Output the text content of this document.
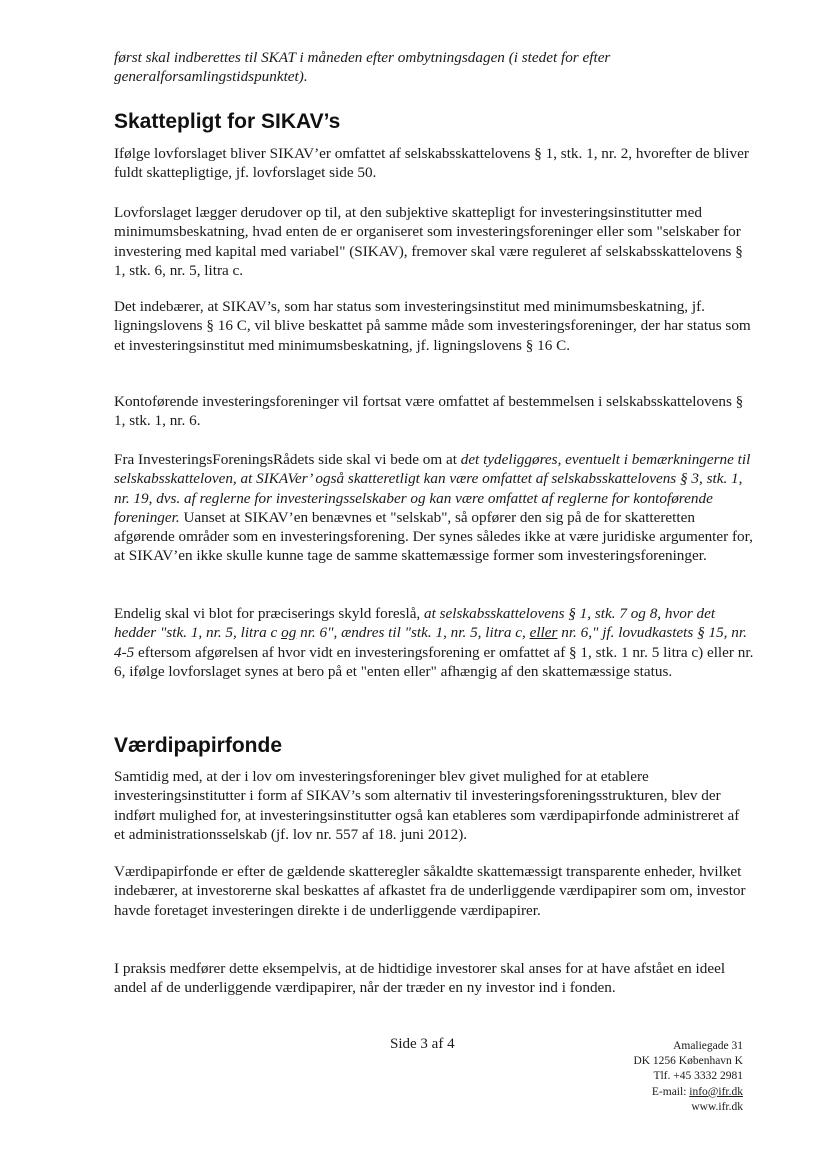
først skal indberettes til SKAT i måneden efter ombytningsdagen (i stedet for efter generalforsamlingstidspunktet).

Skattepligt for SIKAV’s

Ifølge lovforslaget bliver SIKAV’er omfattet af selskabsskattelovens § 1, stk. 1, nr. 2, hvorefter de bliver fuldt skattepligtige, jf. lovforslaget side 50.

Lovforslaget lægger derudover op til, at den subjektive skattepligt for investeringsinstitutter med minimumsbeskatning, hvad enten de er organiseret som investeringsforeninger eller som "selskaber for investering med kapital med variabel" (SIKAV), fremover skal være reguleret af selskabsskattelovens § 1, stk. 6, nr. 5, litra c.

Det indebærer, at SIKAV’s, som har status som investeringsinstitut med minimumsbeskatning, jf. ligningslovens § 16 C, vil blive beskattet på samme måde som investeringsforeninger, der har status som et investeringsinstitut med minimumsbeskatning, jf. ligningslovens § 16 C.

Kontoførende investeringsforeninger vil fortsat være omfattet af bestemmelsen i selskabsskattelovens § 1, stk. 1, nr. 6.

Fra InvesteringsForeningsRådets side skal vi bede om at det tydeliggøres, eventuelt i bemærkningerne til selskabsskatteloven, at SIKAVer’ også skatteretligt kan være omfattet af selskabsskattelovens § 3, stk. 1, nr. 19, dvs. af reglerne for investeringsselskaber og kan være omfattet af reglerne for kontoførende foreninger. Uanset at SIKAV’en benævnes et "selskab", så opfører den sig på de for skatteretten afgørende områder som en investeringsforening. Der synes således ikke at være juridiske argumenter for, at SIKAV’en ikke skulle kunne tage de samme skattemæssige former som investeringsforeninger.

Endelig skal vi blot for præciserings skyld foreslå, at selskabsskattelovens § 1, stk. 7 og 8, hvor det hedder "stk. 1, nr. 5, litra c og nr. 6", ændres til "stk. 1, nr. 5, litra c, eller nr. 6," jf. lovudkastets § 15, nr. 4-5 eftersom afgørelsen af hvor vidt en investeringsforening er omfattet af § 1, stk. 1 nr. 5 litra c) eller nr. 6, ifølge lovforslaget synes at bero på et "enten eller" afhængig af den skattemæssige status.

Værdipapirfonde

Samtidig med, at der i lov om investeringsforeninger blev givet mulighed for at etablere investeringsinstitutter i form af SIKAV’s som alternativ til investeringsforeningsstrukturen, blev der indført mulighed for, at investeringsinstitutter også kan etableres som værdipapirfonde administreret af et administrationsselskab (jf. lov nr. 557 af 18. juni 2012).

Værdipapirfonde er efter de gældende skatteregler såkaldte skattemæssigt transparente enheder, hvilket indebærer, at investorerne skal beskattes af afkastet fra de underliggende værdipapirer som om, investor havde foretaget investeringen direkte i de underliggende værdipapirer.

I praksis medfører dette eksempelvis, at de hidtidige investorer skal anses for at have afstået en ideel andel af de underliggende værdipapirer, når der træder en ny investor ind i fonden.

Side 3 af 4	Amaliegade 31
DK 1256 København K
Tlf. +45 3332 2981
E-mail: info@ifr.dk
www.ifr.dk
